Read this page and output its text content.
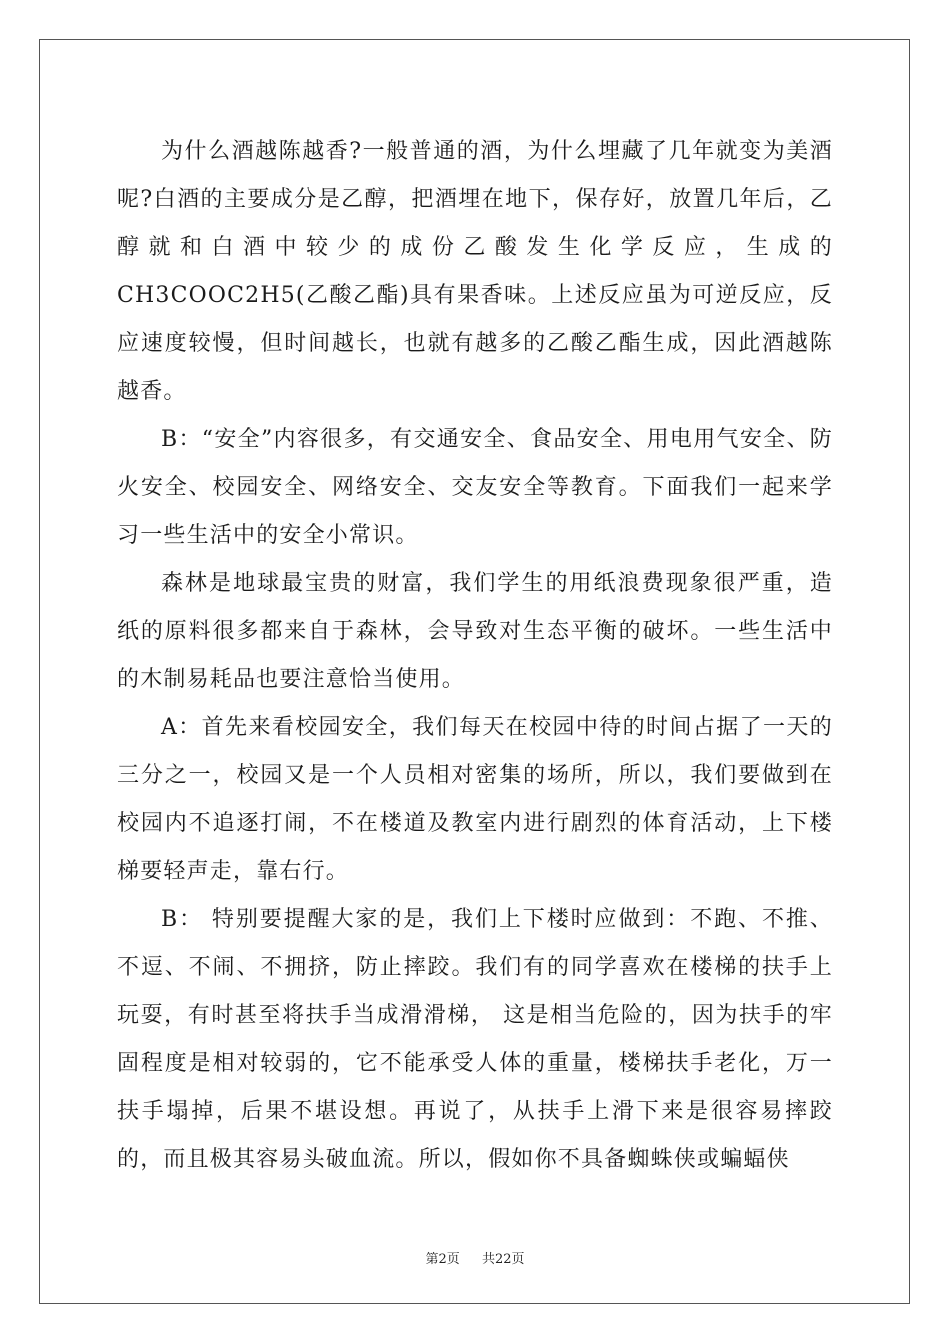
为什么酒越陈越香?一般普通的酒，为什么埋藏了几年就变为美酒呢?白酒的主要成分是乙醇，把酒埋在地下，保存好，放置几年后，乙醇就和白酒中较少的成份乙酸发生化学反应，生成的CH3COOC2H5(乙酸乙酯)具有果香味。上述反应虽为可逆反应，反应速度较慢，但时间越长，也就有越多的乙酸乙酯生成，因此酒越陈越香。

B：“安全”内容很多，有交通安全、食品安全、用电用气安全、防火安全、校园安全、网络安全、交友安全等教育。下面我们一起来学习一些生活中的安全小常识。

森林是地球最宝贵的财富，我们学生的用纸浪费现象很严重，造纸的原料很多都来自于森林，会导致对生态平衡的破坏。一些生活中的木制易耗品也要注意恰当使用。

A：首先来看校园安全，我们每天在校园中待的时间占据了一天的三分之一，校园又是一个人员相对密集的场所，所以，我们要做到在校园内不追逐打闹，不在楼道及教室内进行剧烈的体育活动，上下楼梯要轻声走，靠右行。

B： 特别要提醒大家的是，我们上下楼时应做到：不跑、不推、不逗、不闹、不拥挤，防止摔跤。我们有的同学喜欢在楼梯的扶手上玩耍，有时甚至将扶手当成滑滑梯， 这是相当危险的，因为扶手的牢固程度是相对较弱的，它不能承受人体的重量，楼梯扶手老化，万一扶手塌掉，后果不堪设想。再说了，从扶手上滑下来是很容易摔跤的，而且极其容易头破血流。所以，假如你不具备蜘蛛侠或蝙蝠侠

第2页 共22页
